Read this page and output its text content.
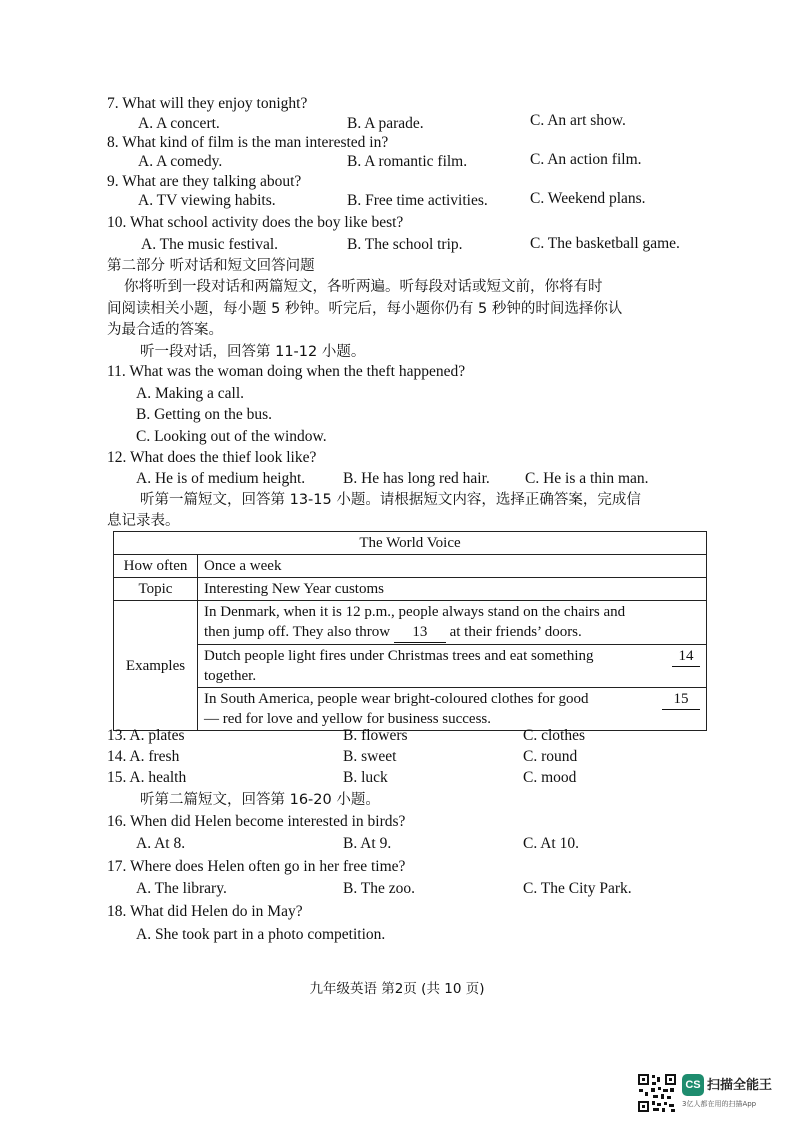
7. What will they enjoy tonight?
A. A concert.	B. A parade.	C. An art show.
8. What kind of film is the man interested in?
A. A comedy.	B. A romantic film.	C. An action film.
9. What are they talking about?
A. TV viewing habits.	B. Free time activities.	C. Weekend plans.
10. What school activity does the boy like best?
A. The music festival.	B. The school trip.	C. The basketball game.
第二部分 听对话和短文回答问题
你将听到一段对话和两篇短文，各听两遍。听每段对话或短文前，你将有时
间阅读相关小题，每小题 5 秒钟。听完后，每小题你仍有 5 秒钟的时间选择你认
为最合适的答案。
听一段对话，回答第 11-12 小题。
11. What was the woman doing when the theft happened?
A. Making a call.
B. Getting on the bus.
C. Looking out of the window.
12. What does the thief look like?
A. He is of medium height. B. He has long red hair. C. He is a thin man.
听第一篇短文，回答第 13-15 小题。请根据短文内容，选择正确答案，完成信
息记录表。
The World Voice	
How often	Once a week
Topic	Interesting New Year customs
Examples	In Denmark, when it is 12 p.m., people always stand on the chairs and
then jump off. They also throw 13 at their friends’ doors.
	Dutch people light fires under Christmas trees and eat something 14

together.
	In South America, people wear bright-coloured clothes for good 15

— red for love and yellow for business success.
13. A. plates	B. flowers	C. clothes
14. A. fresh	B. sweet	C. round
15. A. health	B. luck	C. mood
听第二篇短文，回答第 16-20 小题。
16. When did Helen become interested in birds?
A. At 8.	B. At 9.	C. At 10.
17. Where does Helen often go in her free time?
A. The library.	B. The zoo.	C. The City Park.
18. What did Helen do in May?
A. She took part in a photo competition.
九年级英语 第2页 (共 10 页)
CS 扫描全能王
3亿人都在用的扫描App
